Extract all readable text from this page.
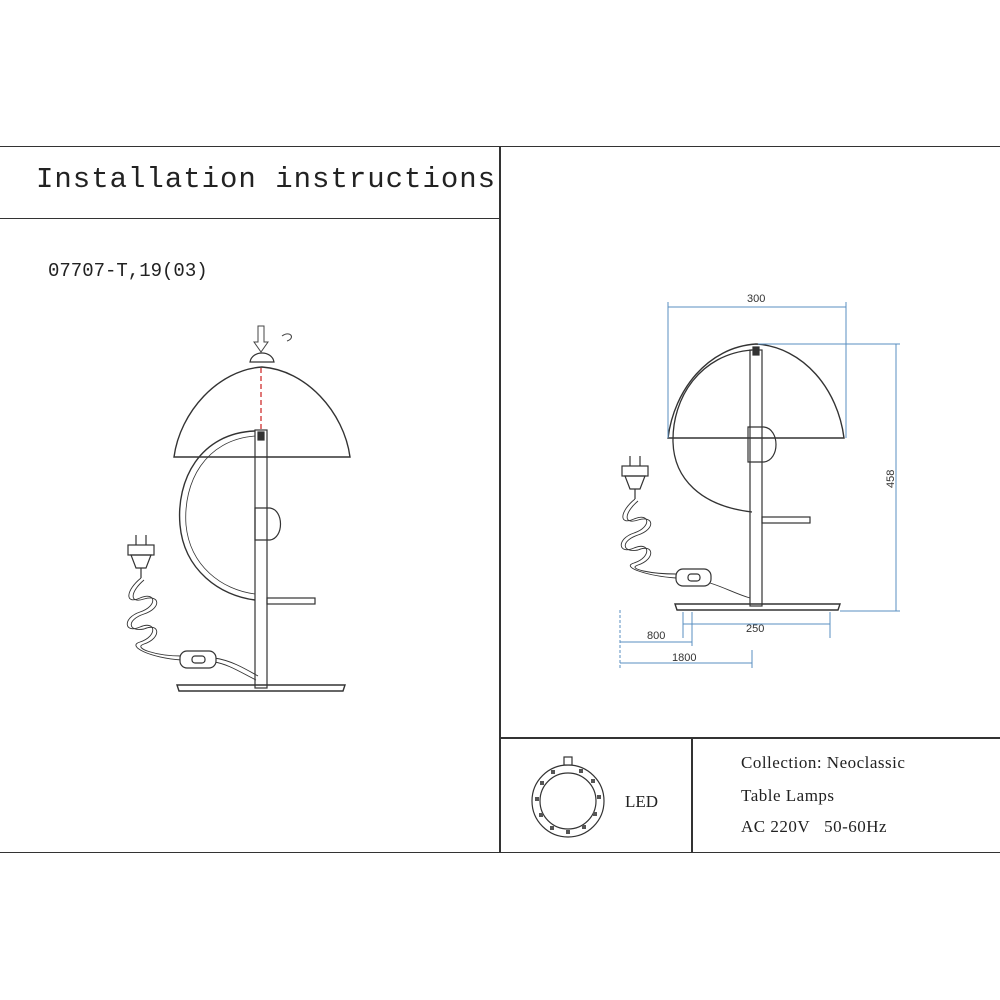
Installation instructions
07707-T,19(03)
300
458
250
800
1800
LED
Collection: Neoclassic
Table Lamps
AC 220V   50-60Hz
